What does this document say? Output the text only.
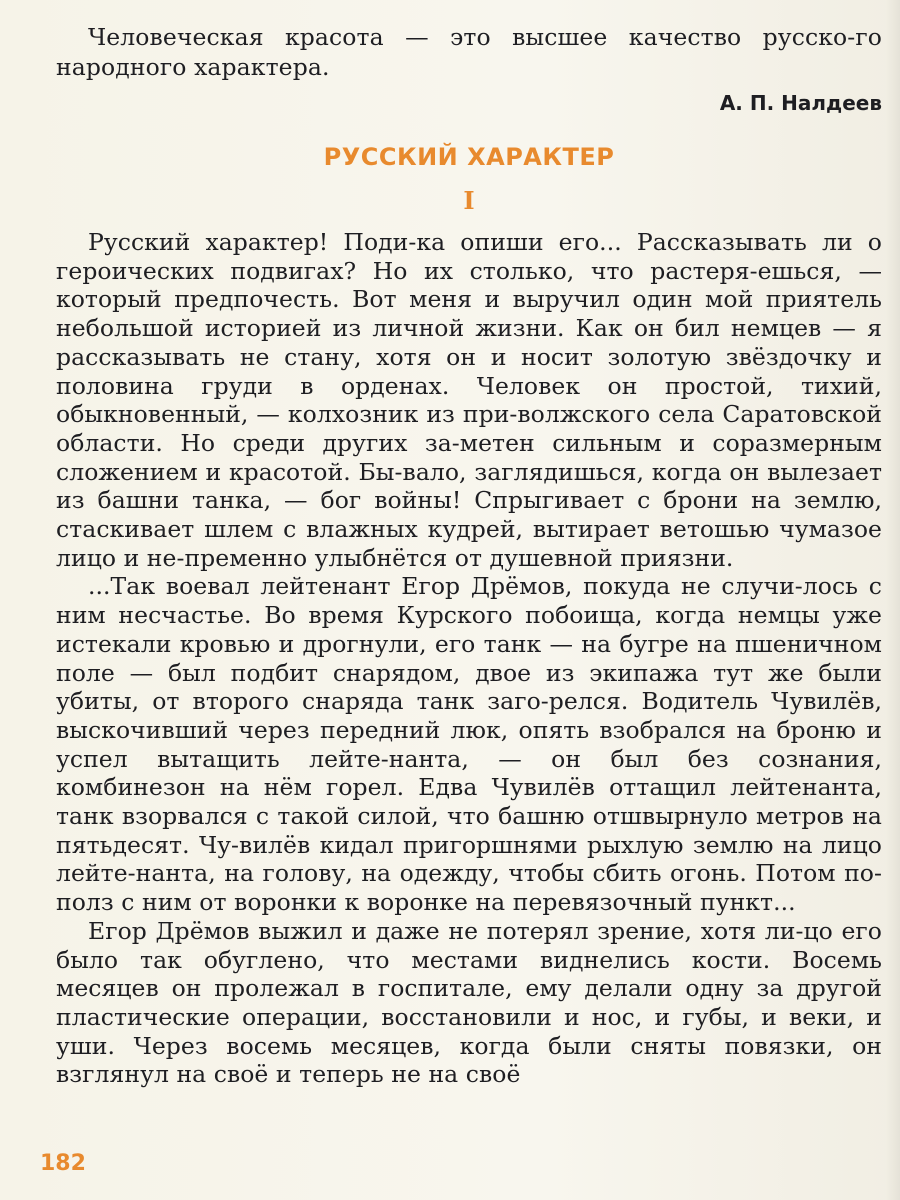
Человеческая красота — это высшее качество русско-го народного характера.

А. П. Налдеев

РУССКИЙ ХАРАКТЕР
I

Русский характер! Поди-ка опиши его... Рассказывать ли о героических подвигах? Но их столько, что растеря-ешься, — который предпочесть. Вот меня и выручил один мой приятель небольшой историей из личной жизни. Как он бил немцев — я рассказывать не стану, хотя он и носит золотую звёздочку и половина груди в орденах. Человек он простой, тихий, обыкновенный, — колхозник из при-волжского села Саратовской области. Но среди других за-метен сильным и соразмерным сложением и красотой. Бы-вало, заглядишься, когда он вылезает из башни танка, — бог войны! Спрыгивает с брони на землю, стаскивает шлем с влажных кудрей, вытирает ветошью чумазое лицо и не-пременно улыбнётся от душевной приязни.

...Так воевал лейтенант Егор Дрёмов, покуда не случи-лось с ним несчастье. Во время Курского побоища, когда немцы уже истекали кровью и дрогнули, его танк — на бугре на пшеничном поле — был подбит снарядом, двое из экипажа тут же были убиты, от второго снаряда танк заго-релся. Водитель Чувилёв, выскочивший через передний люк, опять взобрался на броню и успел вытащить лейте-нанта, — он был без сознания, комбинезон на нём горел. Едва Чувилёв оттащил лейтенанта, танк взорвался с такой силой, что башню отшвырнуло метров на пятьдесят. Чу-вилёв кидал пригоршнями рыхлую землю на лицо лейте-нанта, на голову, на одежду, чтобы сбить огонь. Потом по-полз с ним от воронки к воронке на перевязочный пункт...

Егор Дрёмов выжил и даже не потерял зрение, хотя ли-цо его было так обуглено, что местами виднелись кости. Восемь месяцев он пролежал в госпитале, ему делали одну за другой пластические операции, восстановили и нос, и губы, и веки, и уши. Через восемь месяцев, когда были сняты повязки, он взглянул на своё и теперь не на своё

182
